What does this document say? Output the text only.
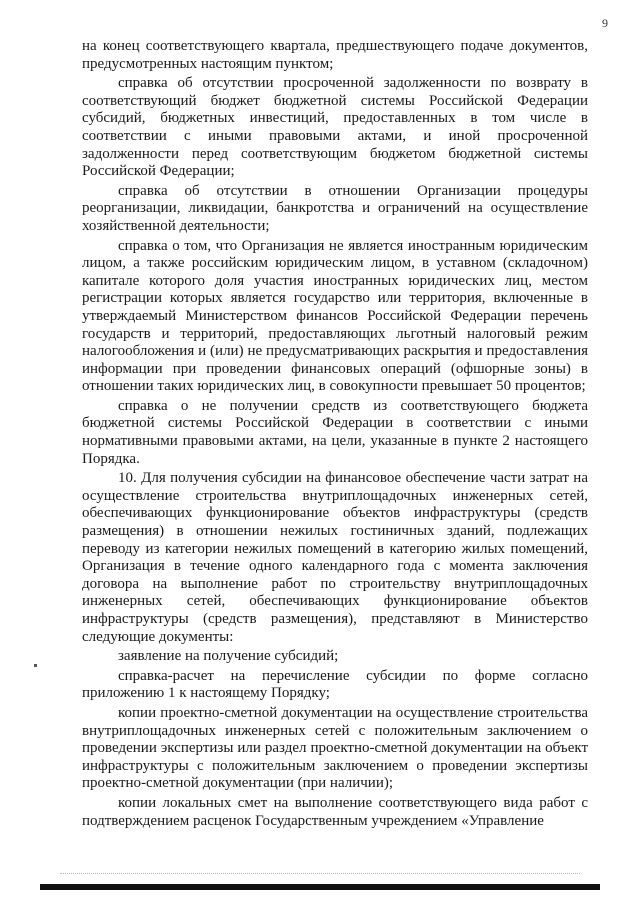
9

на конец соответствующего квартала, предшествующего подаче документов, предусмотренных настоящим пунктом;

справка об отсутствии просроченной задолженности по возврату в соответствующий бюджет бюджетной системы Российской Федерации субсидий, бюджетных инвестиций, предоставленных в том числе в соответствии с иными правовыми актами, и иной просроченной задолженности перед соответствующим бюджетом бюджетной системы Российской Федерации;

справка об отсутствии в отношении Организации процедуры реорганизации, ликвидации, банкротства и ограничений на осуществление хозяйственной деятельности;

справка о том, что Организация не является иностранным юридическим лицом, а также российским юридическим лицом, в уставном (складочном) капитале которого доля участия иностранных юридических лиц, местом регистрации которых является государство или территория, включенные в утверждаемый Министерством финансов Российской Федерации перечень государств и территорий, предоставляющих льготный налоговый режим налогообложения и (или) не предусматривающих раскрытия и предоставления информации при проведении финансовых операций (офшорные зоны) в отношении таких юридических лиц, в совокупности превышает 50 процентов;

справка о не получении средств из соответствующего бюджета бюджетной системы Российской Федерации в соответствии с иными нормативными правовыми актами, на цели, указанные в пункте 2 настоящего Порядка.

10. Для получения субсидии на финансовое обеспечение части затрат на осуществление строительства внутриплощадочных инженерных сетей, обеспечивающих функционирование объектов инфраструктуры (средств размещения) в отношении нежилых гостиничных зданий, подлежащих переводу из категории нежилых помещений в категорию жилых помещений, Организация в течение одного календарного года с момента заключения договора на выполнение работ по строительству внутриплощадочных инженерных сетей, обеспечивающих функционирование объектов инфраструктуры (средств размещения), представляют в Министерство следующие документы:

заявление на получение субсидий;

справка-расчет на перечисление субсидии по форме согласно приложению 1 к настоящему Порядку;

копии проектно-сметной документации на осуществление строительства внутриплощадочных инженерных сетей с положительным заключением о проведении экспертизы или раздел проектно-сметной документации на объект инфраструктуры с положительным заключением о проведении экспертизы проектно-сметной документации (при наличии);

копии локальных смет на выполнение соответствующего вида работ с подтверждением расценок Государственным учреждением «Управление
